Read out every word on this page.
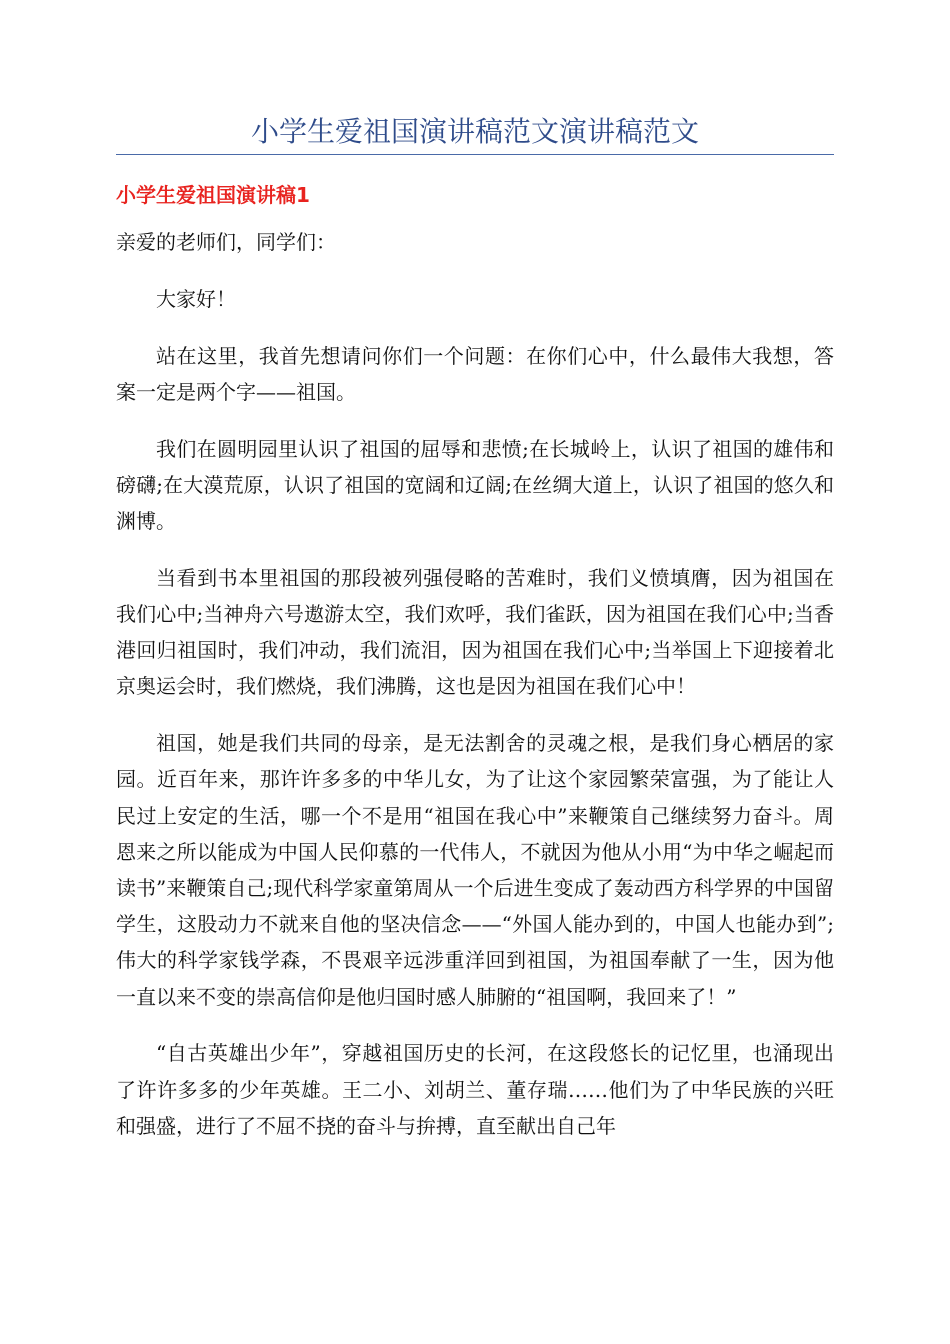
小学生爱祖国演讲稿范文演讲稿范文
小学生爱祖国演讲稿1

亲爱的老师们，同学们：

大家好！

站在这里，我首先想请问你们一个问题：在你们心中，什么最伟大我想，答案一定是两个字——祖国。

我们在圆明园里认识了祖国的屈辱和悲愤;在长城岭上，认识了祖国的雄伟和磅礴;在大漠荒原，认识了祖国的宽阔和辽阔;在丝绸大道上，认识了祖国的悠久和渊博。

当看到书本里祖国的那段被列强侵略的苦难时，我们义愤填膺，因为祖国在我们心中;当神舟六号遨游太空，我们欢呼，我们雀跃，因为祖国在我们心中;当香港回归祖国时，我们冲动，我们流泪，因为祖国在我们心中;当举国上下迎接着北京奥运会时，我们燃烧，我们沸腾，这也是因为祖国在我们心中！

祖国，她是我们共同的母亲，是无法割舍的灵魂之根，是我们身心栖居的家园。近百年来，那许许多多的中华儿女，为了让这个家园繁荣富强，为了能让人民过上安定的生活，哪一个不是用“祖国在我心中”来鞭策自己继续努力奋斗。周恩来之所以能成为中国人民仰慕的一代伟人，不就因为他从小用“为中华之崛起而读书”来鞭策自己;现代科学家童第周从一个后进生变成了轰动西方科学界的中国留学生，这股动力不就来自他的坚决信念——“外国人能办到的，中国人也能办到”;伟大的科学家钱学森，不畏艰辛远涉重洋回到祖国，为祖国奉献了一生，因为他一直以来不变的崇高信仰是他归国时感人肺腑的“祖国啊，我回来了！”

“自古英雄出少年”，穿越祖国历史的长河，在这段悠长的记忆里，也涌现出了许许多多的少年英雄。王二小、刘胡兰、董存瑞……他们为了中华民族的兴旺和强盛，进行了不屈不挠的奋斗与拚搏，直至献出自己年
